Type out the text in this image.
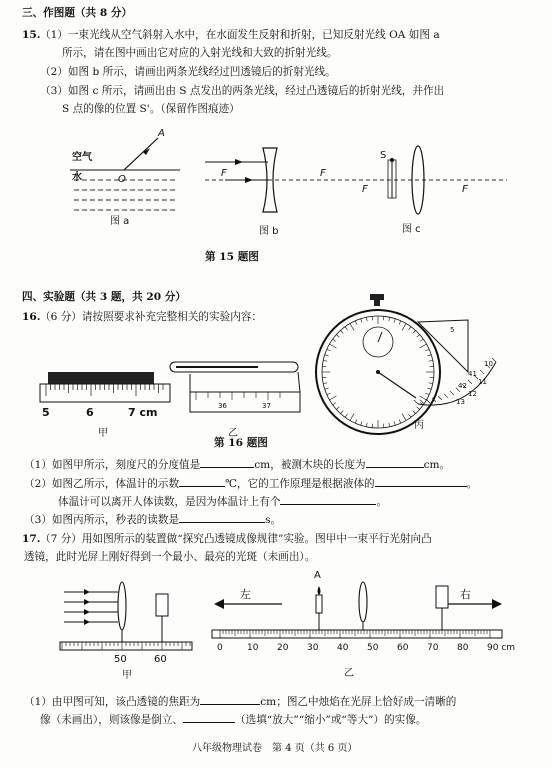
三、作图题（共 8 分）
15. （1）一束光线从空气斜射入水中，在水面发生反射和折射，已知反射光线 OA 如图 a
所示，请在图中画出它对应的入射光线和大致的折射光线。
（2）如图 b 所示，请画出两条光线经过凹透镜后的折射光线。
（3）如图 c 所示，请画出由 S 点发出的两条光线，经过凸透镜后的折射光线，并作出
S 点的像的位置 S'。（保留作图痕迹）
空气
水	O
A
图 a
F	F
图 b
S
F	F
图 c
第 15 题图
四、实验题（共 3 题，共 20 分）
16. （6 分）请按照要求补充完整相关的实验内容：
5	6	7 cm
甲
36	37
乙
5
10
11
12
13
41
42
丙
第 16 题图
（1）如图甲所示，刻度尺的分度值是	cm，被测木块的长度为	cm。
（2）如图乙所示，体温计的示数	℃，它的工作原理是根据液体的	。
体温计可以离开人体读数，是因为体温计上有个	。
（3）如图丙所示，秒表的读数是	s。
17. （7 分）用如图所示的装置做“探究凸透镜成像规律”实验。图甲中一束平行光射向凸
透镜，此时光屏上刚好得到一个最小、最亮的光斑（未画出）。
50	60
甲
左	右
A
0	10 20 30 40 50 60 70 80 90 cm
乙
（1）由甲图可知，该凸透镜的焦距为	cm；图乙中烛焰在光屏上恰好成一清晰的
像（未画出），则该像是倒立、	（选填“放大”“缩小”或“等大”）的实像。
八年级物理试卷　第 4 页（共 6 页）
